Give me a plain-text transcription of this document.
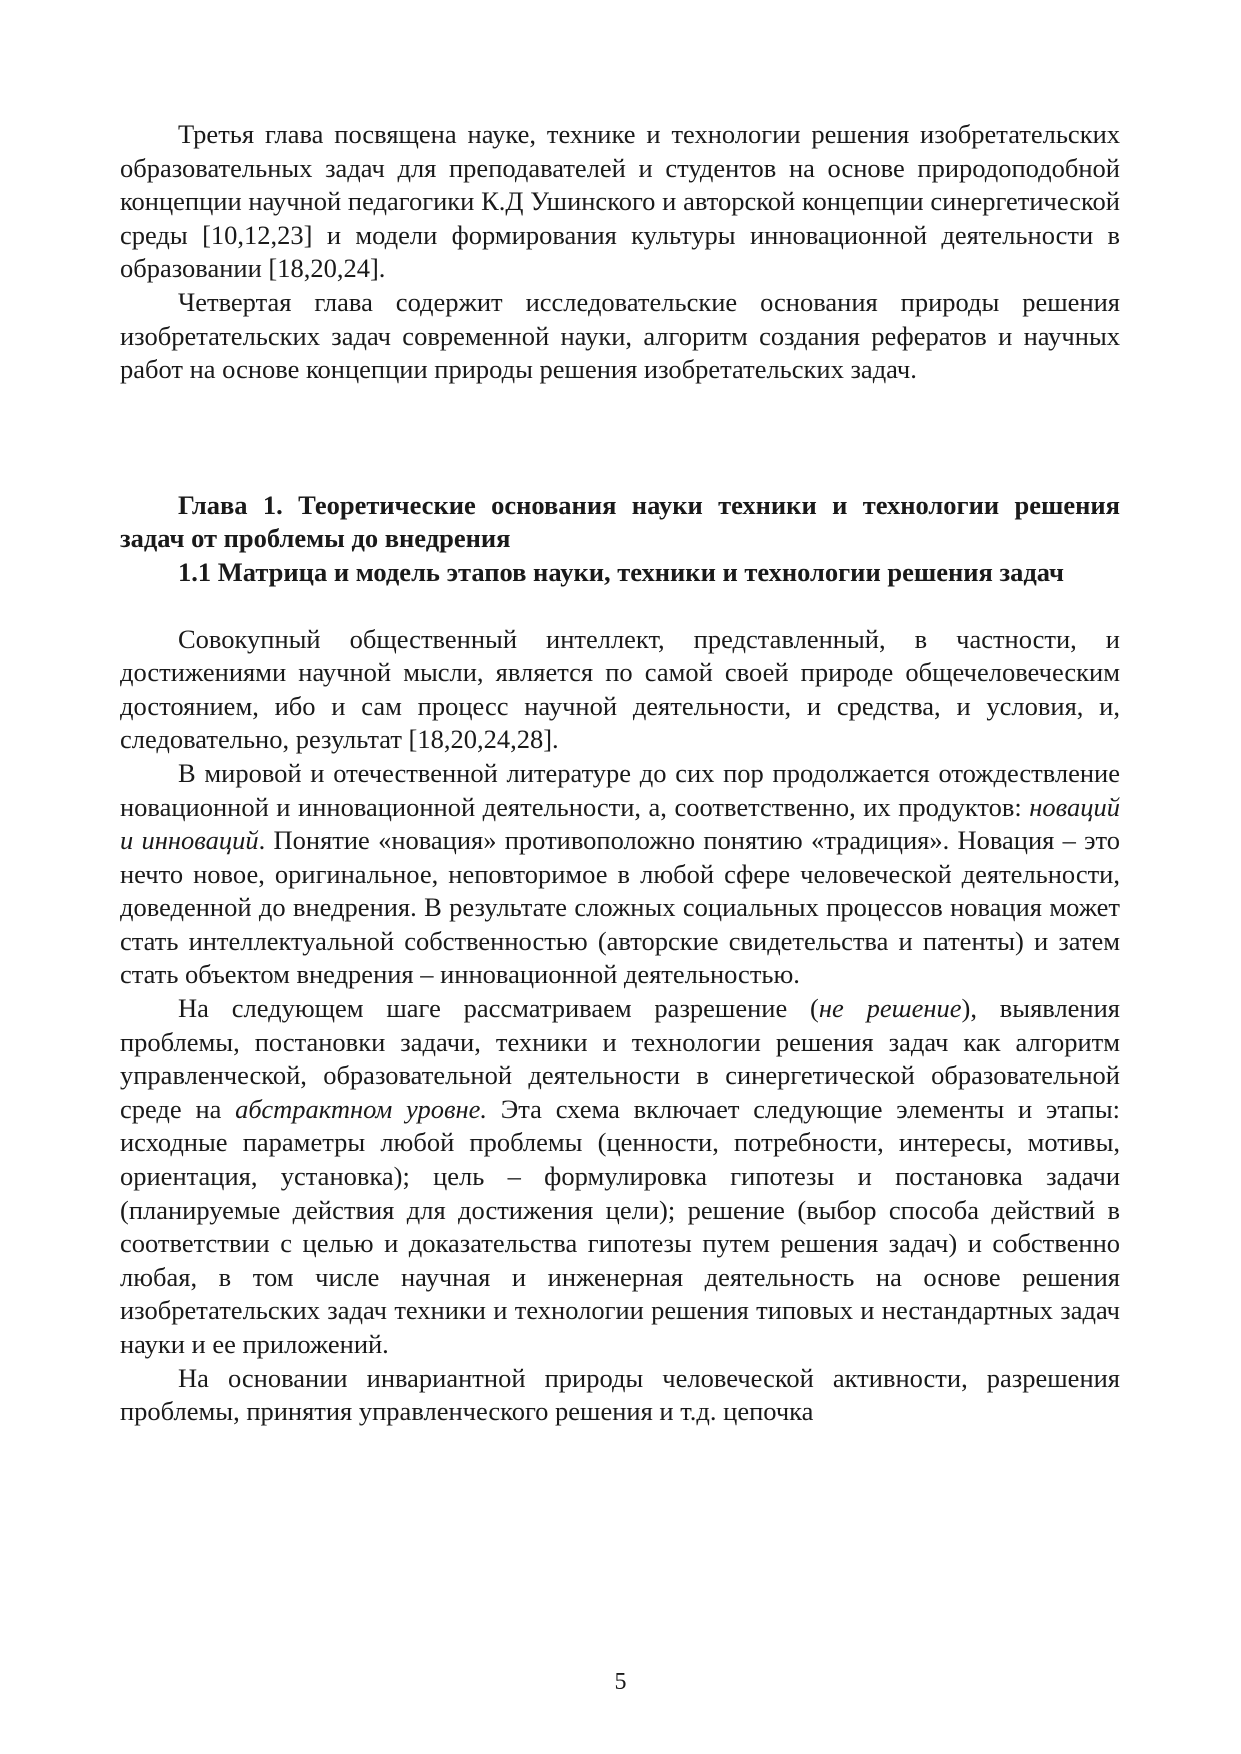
Третья глава посвящена науке, технике и технологии решения изобретательских образовательных задач для преподавателей и студентов на основе природоподобной концепции научной педагогики К.Д Ушинского и авторской концепции синергетической среды [10,12,23] и модели формирования культуры инновационной деятельности в образовании [18,20,24].

Четвертая глава содержит исследовательские основания природы решения изобретательских задач современной науки, алгоритм создания рефератов и научных работ на основе концепции природы решения изобретательских задач.

Глава 1. Теоретические основания науки техники и технологии решения задач от проблемы до внедрения
1.1 Матрица и модель этапов науки, техники и технологии решения задач

Совокупный общественный интеллект, представленный, в частности, и достижениями научной мысли, является по самой своей природе общечеловеческим достоянием, ибо и сам процесс научной деятельности, и средства, и условия, и, следовательно, результат [18,20,24,28].

В мировой и отечественной литературе до сих пор продолжается отождествление новационной и инновационной деятельности, а, соответственно, их продуктов: новаций и инноваций. Понятие «новация» противоположно понятию «традиция». Новация – это нечто новое, оригинальное, неповторимое в любой сфере человеческой деятельности, доведенной до внедрения. В результате сложных социальных процессов новация может стать интеллектуальной собственностью (авторские свидетельства и патенты) и затем стать объектом внедрения – инновационной деятельностью.

На следующем шаге рассматриваем разрешение (не решение), выявления проблемы, постановки задачи, техники и технологии решения задач как алгоритм управленческой, образовательной деятельности в синергетической образовательной среде на абстрактном уровне. Эта схема включает следующие элементы и этапы: исходные параметры любой проблемы (ценности, потребности, интересы, мотивы, ориентация, установка); цель – формулировка гипотезы и постановка задачи (планируемые действия для достижения цели); решение (выбор способа действий в соответствии с целью и доказательства гипотезы путем решения задач) и собственно любая, в том числе научная и инженерная деятельность на основе решения изобретательских задач техники и технологии решения типовых и нестандартных задач науки и ее приложений.

На основании инвариантной природы человеческой активности, разрешения проблемы, принятия управленческого решения и т.д. цепочка

5
